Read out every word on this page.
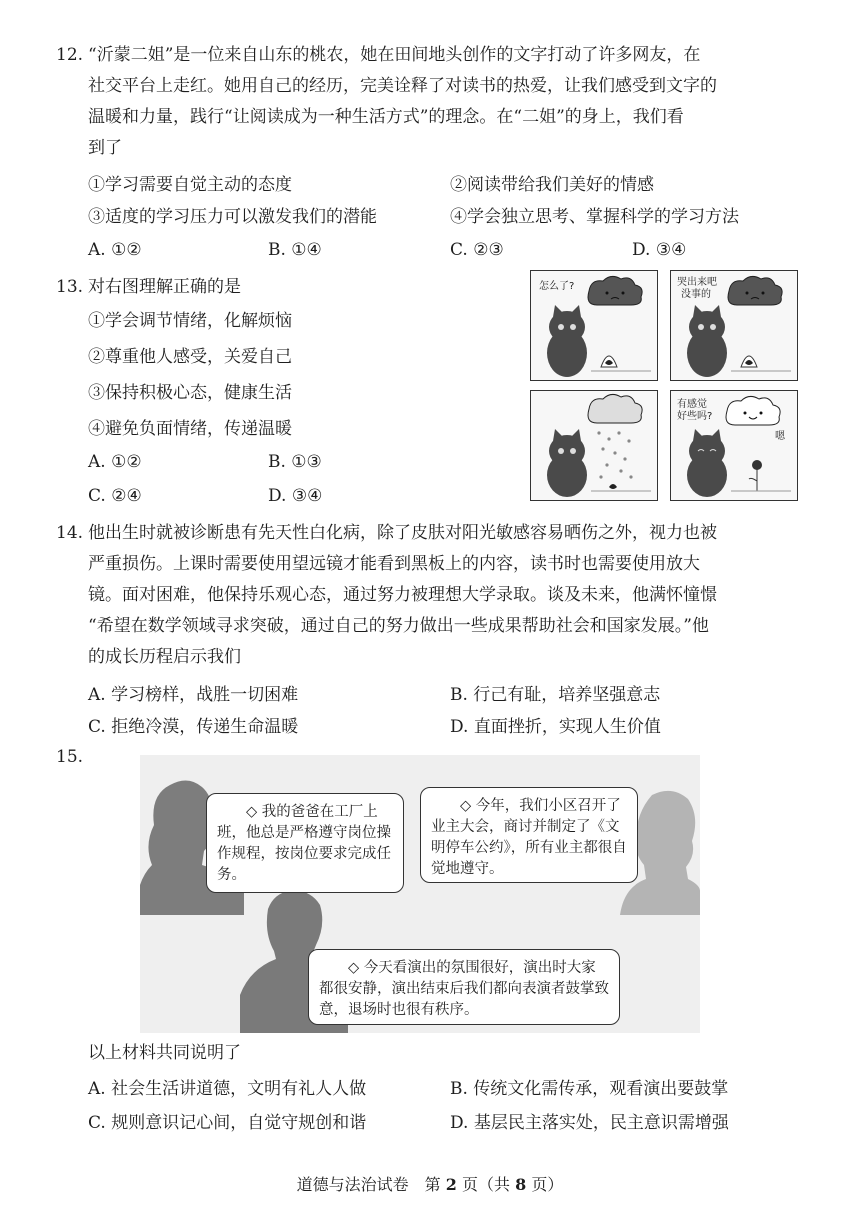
12. “沂蒙二姐”是一位来自山东的桃农，她在田间地头创作的文字打动了许多网友，在
社交平台上走红。她用自己的经历，完美诠释了对读书的热爱，让我们感受到文字的
温暖和力量，践行“让阅读成为一种生活方式”的理念。在“二姐”的身上，我们看
到了
①学习需要自觉主动的态度	②阅读带给我们美好的情感
③适度的学习压力可以激发我们的潜能	④学会独立思考、掌握科学的学习方法
A. ①②	B. ①④	C. ②③	D. ③④
13. 对右图理解正确的是
①学会调节情绪，化解烦恼
②尊重他人感受，关爱自己
③保持积极心态，健康生活
④避免负面情绪，传递温暖
A. ①②	B. ①③
C. ②④	D. ③④
怎么了?	哭出来吧
没事的
有感觉
好些吗?
嗯
14. 他出生时就被诊断患有先天性白化病，除了皮肤对阳光敏感容易晒伤之外，视力也被
严重损伤。上课时需要使用望远镜才能看到黑板上的内容，读书时也需要使用放大
镜。面对困难，他保持乐观心态，通过努力被理想大学录取。谈及未来，他满怀憧憬
“希望在数学领域寻求突破，通过自己的努力做出一些成果帮助社会和国家发展。”他
的成长历程启示我们
A. 学习榜样，战胜一切困难	B. 行己有耻，培养坚强意志
C. 拒绝冷漠，传递生命温暖	D. 直面挫折，实现人生价值
15.
◇ 我的爸爸在工厂上班，他总是严格遵守岗位操作规程，按岗位要求完成任务。
◇ 今年，我们小区召开了业主大会，商讨并制定了《文明停车公约》，所有业主都很自觉地遵守。
◇ 今天看演出的氛围很好，演出时大家都很安静，演出结束后我们都向表演者鼓掌致意，退场时也很有秩序。
以上材料共同说明了
A. 社会生活讲道德，文明有礼人人做	B. 传统文化需传承，观看演出要鼓掌
C. 规则意识记心间，自觉守规创和谐	D. 基层民主落实处，民主意识需增强
道德与法治试卷　第 2 页（共 8 页）
